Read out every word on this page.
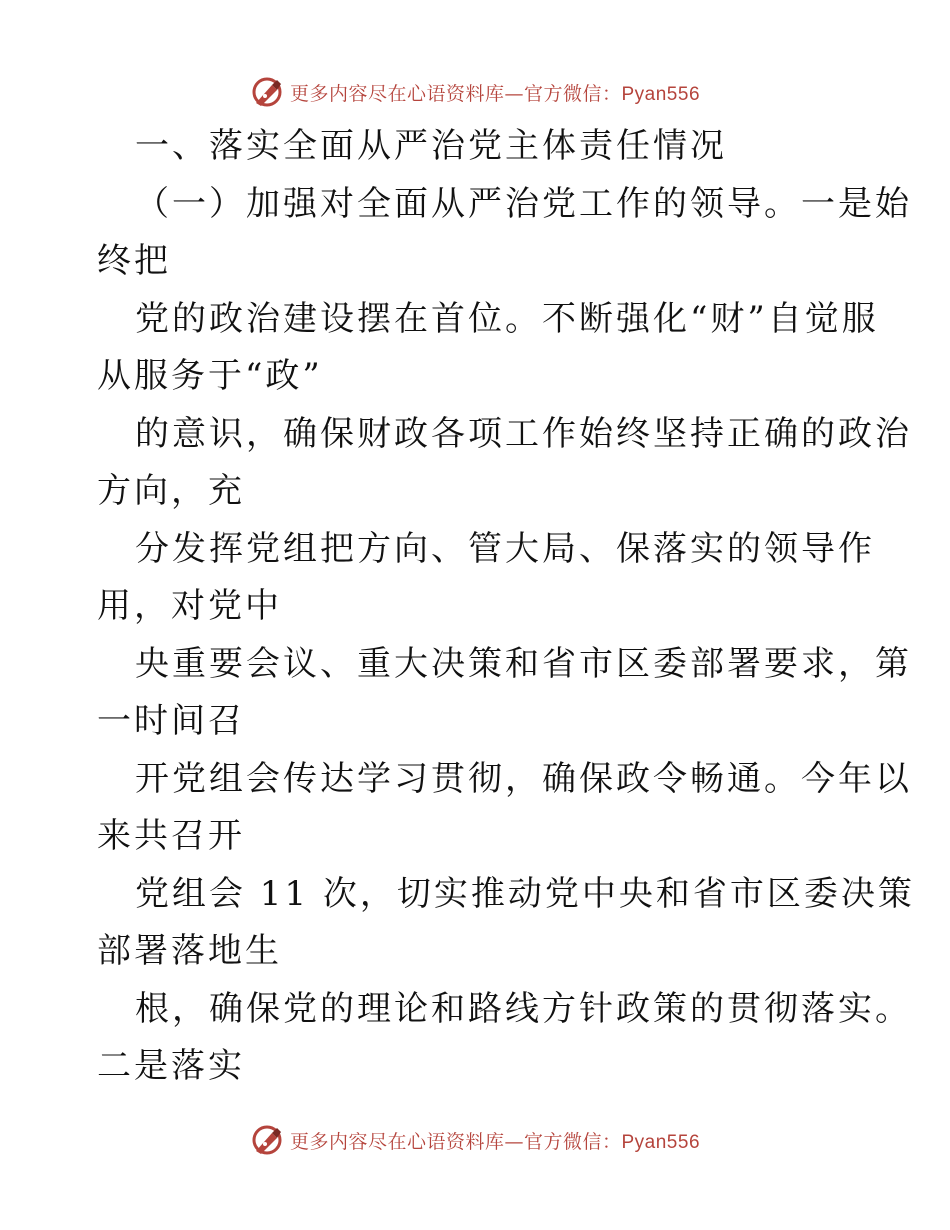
更多内容尽在心语资料库—官方微信：Pyan556
一、落实全面从严治党主体责任情况
（一）加强对全面从严治党工作的领导。一是始
终把
党的政治建设摆在首位。不断强化“财”自觉服
从服务于“政”
的意识，确保财政各项工作始终坚持正确的政治
方向，充
分发挥党组把方向、管大局、保落实的领导作
用，对党中
央重要会议、重大决策和省市区委部署要求，第
一时间召
开党组会传达学习贯彻，确保政令畅通。今年以
来共召开
党组会 11 次，切实推动党中央和省市区委决策
部署落地生
根，确保党的理论和路线方针政策的贯彻落实。
二是落实
更多内容尽在心语资料库—官方微信：Pyan556
